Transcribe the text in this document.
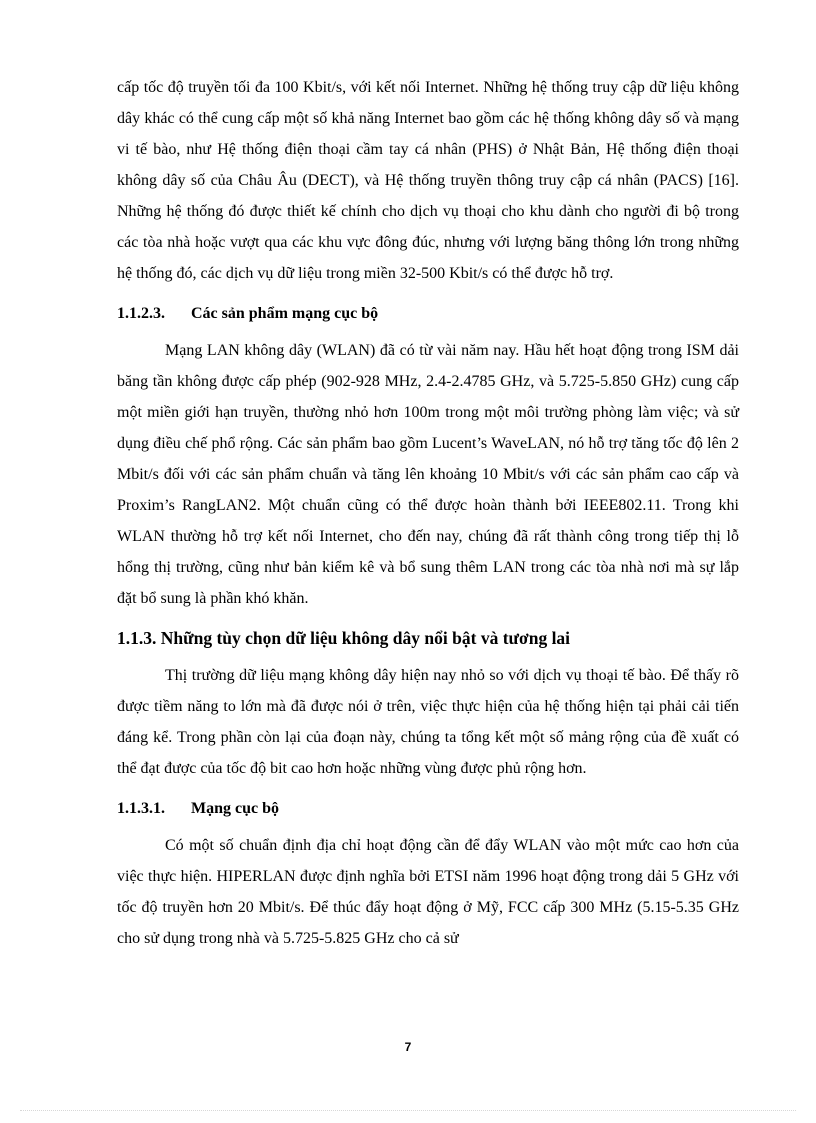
cấp tốc độ truyền tối đa 100 Kbit/s, với kết nối Internet. Những hệ thống truy cập dữ liệu không dây khác có thể cung cấp một số khả năng Internet bao gồm các hệ thống không dây số và mạng vi tế bào, như Hệ thống điện thoại cầm tay cá nhân (PHS) ở Nhật Bản, Hệ thống điện thoại không dây số của Châu Âu (DECT), và Hệ thống truyền thông truy cập cá nhân (PACS) [16]. Những hệ thống đó được thiết kế chính cho dịch vụ thoại cho khu dành cho người đi bộ trong các tòa nhà hoặc vượt qua các khu vực đông đúc, nhưng với lượng băng thông lớn trong những hệ thống đó, các dịch vụ dữ liệu trong miền 32-500 Kbit/s có thể được hỗ trợ.

1.1.2.3. Các sản phẩm mạng cục bộ

Mạng LAN không dây (WLAN) đã có từ vài năm nay. Hầu hết hoạt động trong ISM dải băng tần không được cấp phép (902-928 MHz, 2.4-2.4785 GHz, và 5.725-5.850 GHz) cung cấp một miền giới hạn truyền, thường nhỏ hơn 100m trong một môi trường phòng làm việc; và sử dụng điều chế phổ rộng. Các sản phẩm bao gồm Lucent’s WaveLAN, nó hỗ trợ tăng tốc độ lên 2 Mbit/s đối với các sản phẩm chuẩn và tăng lên khoảng 10 Mbit/s với các sản phẩm cao cấp và Proxim’s RangLAN2. Một chuẩn cũng có thể được hoàn thành bởi IEEE802.11. Trong khi WLAN thường hỗ trợ kết nối Internet, cho đến nay, chúng đã rất thành công trong tiếp thị lỗ hổng thị trường, cũng như bản kiểm kê và bổ sung thêm LAN trong các tòa nhà nơi mà sự lắp đặt bổ sung là phần khó khăn.

1.1.3. Những tùy chọn dữ liệu không dây nổi bật và tương lai

Thị trường dữ liệu mạng không dây hiện nay nhỏ so với dịch vụ thoại tế bào. Để thấy rõ được tiềm năng to lớn mà đã được nói ở trên, việc thực hiện của hệ thống hiện tại phải cải tiến đáng kể. Trong phần còn lại của đoạn này, chúng ta tổng kết một số mảng rộng của đề xuất có thể đạt được của tốc độ bit cao hơn hoặc những vùng được phủ rộng hơn.

1.1.3.1. Mạng cục bộ

Có một số chuẩn định địa chỉ hoạt động cần để đẩy WLAN vào một mức cao hơn của việc thực hiện. HIPERLAN được định nghĩa bởi ETSI năm 1996 hoạt động trong dải 5 GHz với tốc độ truyền hơn 20 Mbit/s. Để thúc đẩy hoạt động ở Mỹ, FCC cấp 300 MHz (5.15-5.35 GHz cho sử dụng trong nhà và 5.725-5.825 GHz cho cả sử

7
